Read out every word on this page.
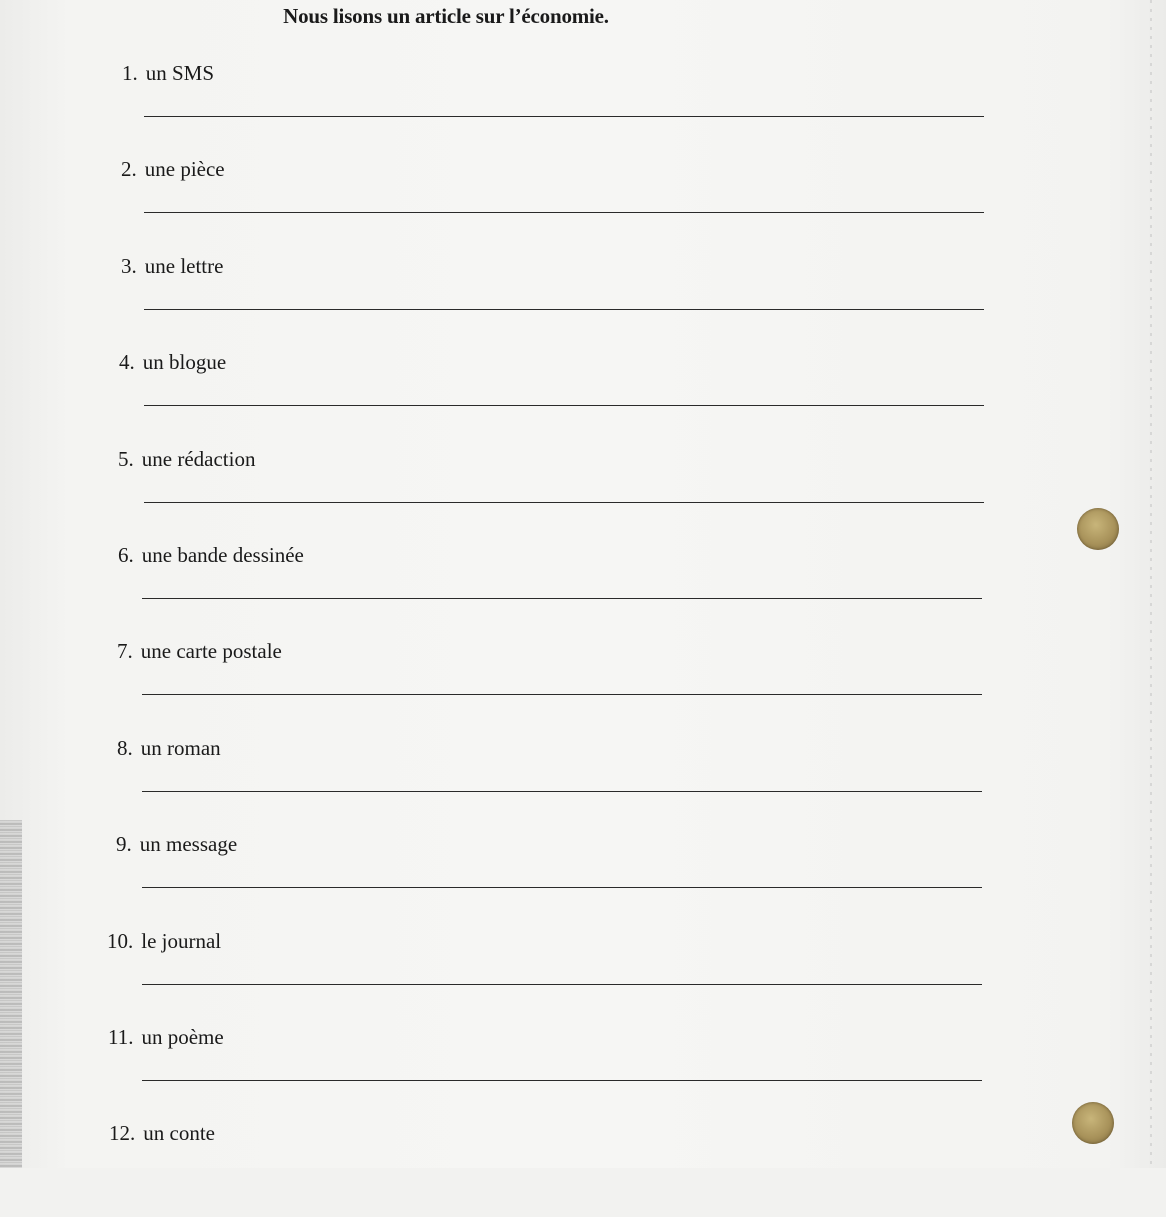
Nous lisons un article sur l’économie.
1. un SMS
2. une pièce
3. une lettre
4. un blogue
5. une rédaction
6. une bande dessinée
7. une carte postale
8. un roman
9. un message
10. le journal
11. un poème
12. un conte
